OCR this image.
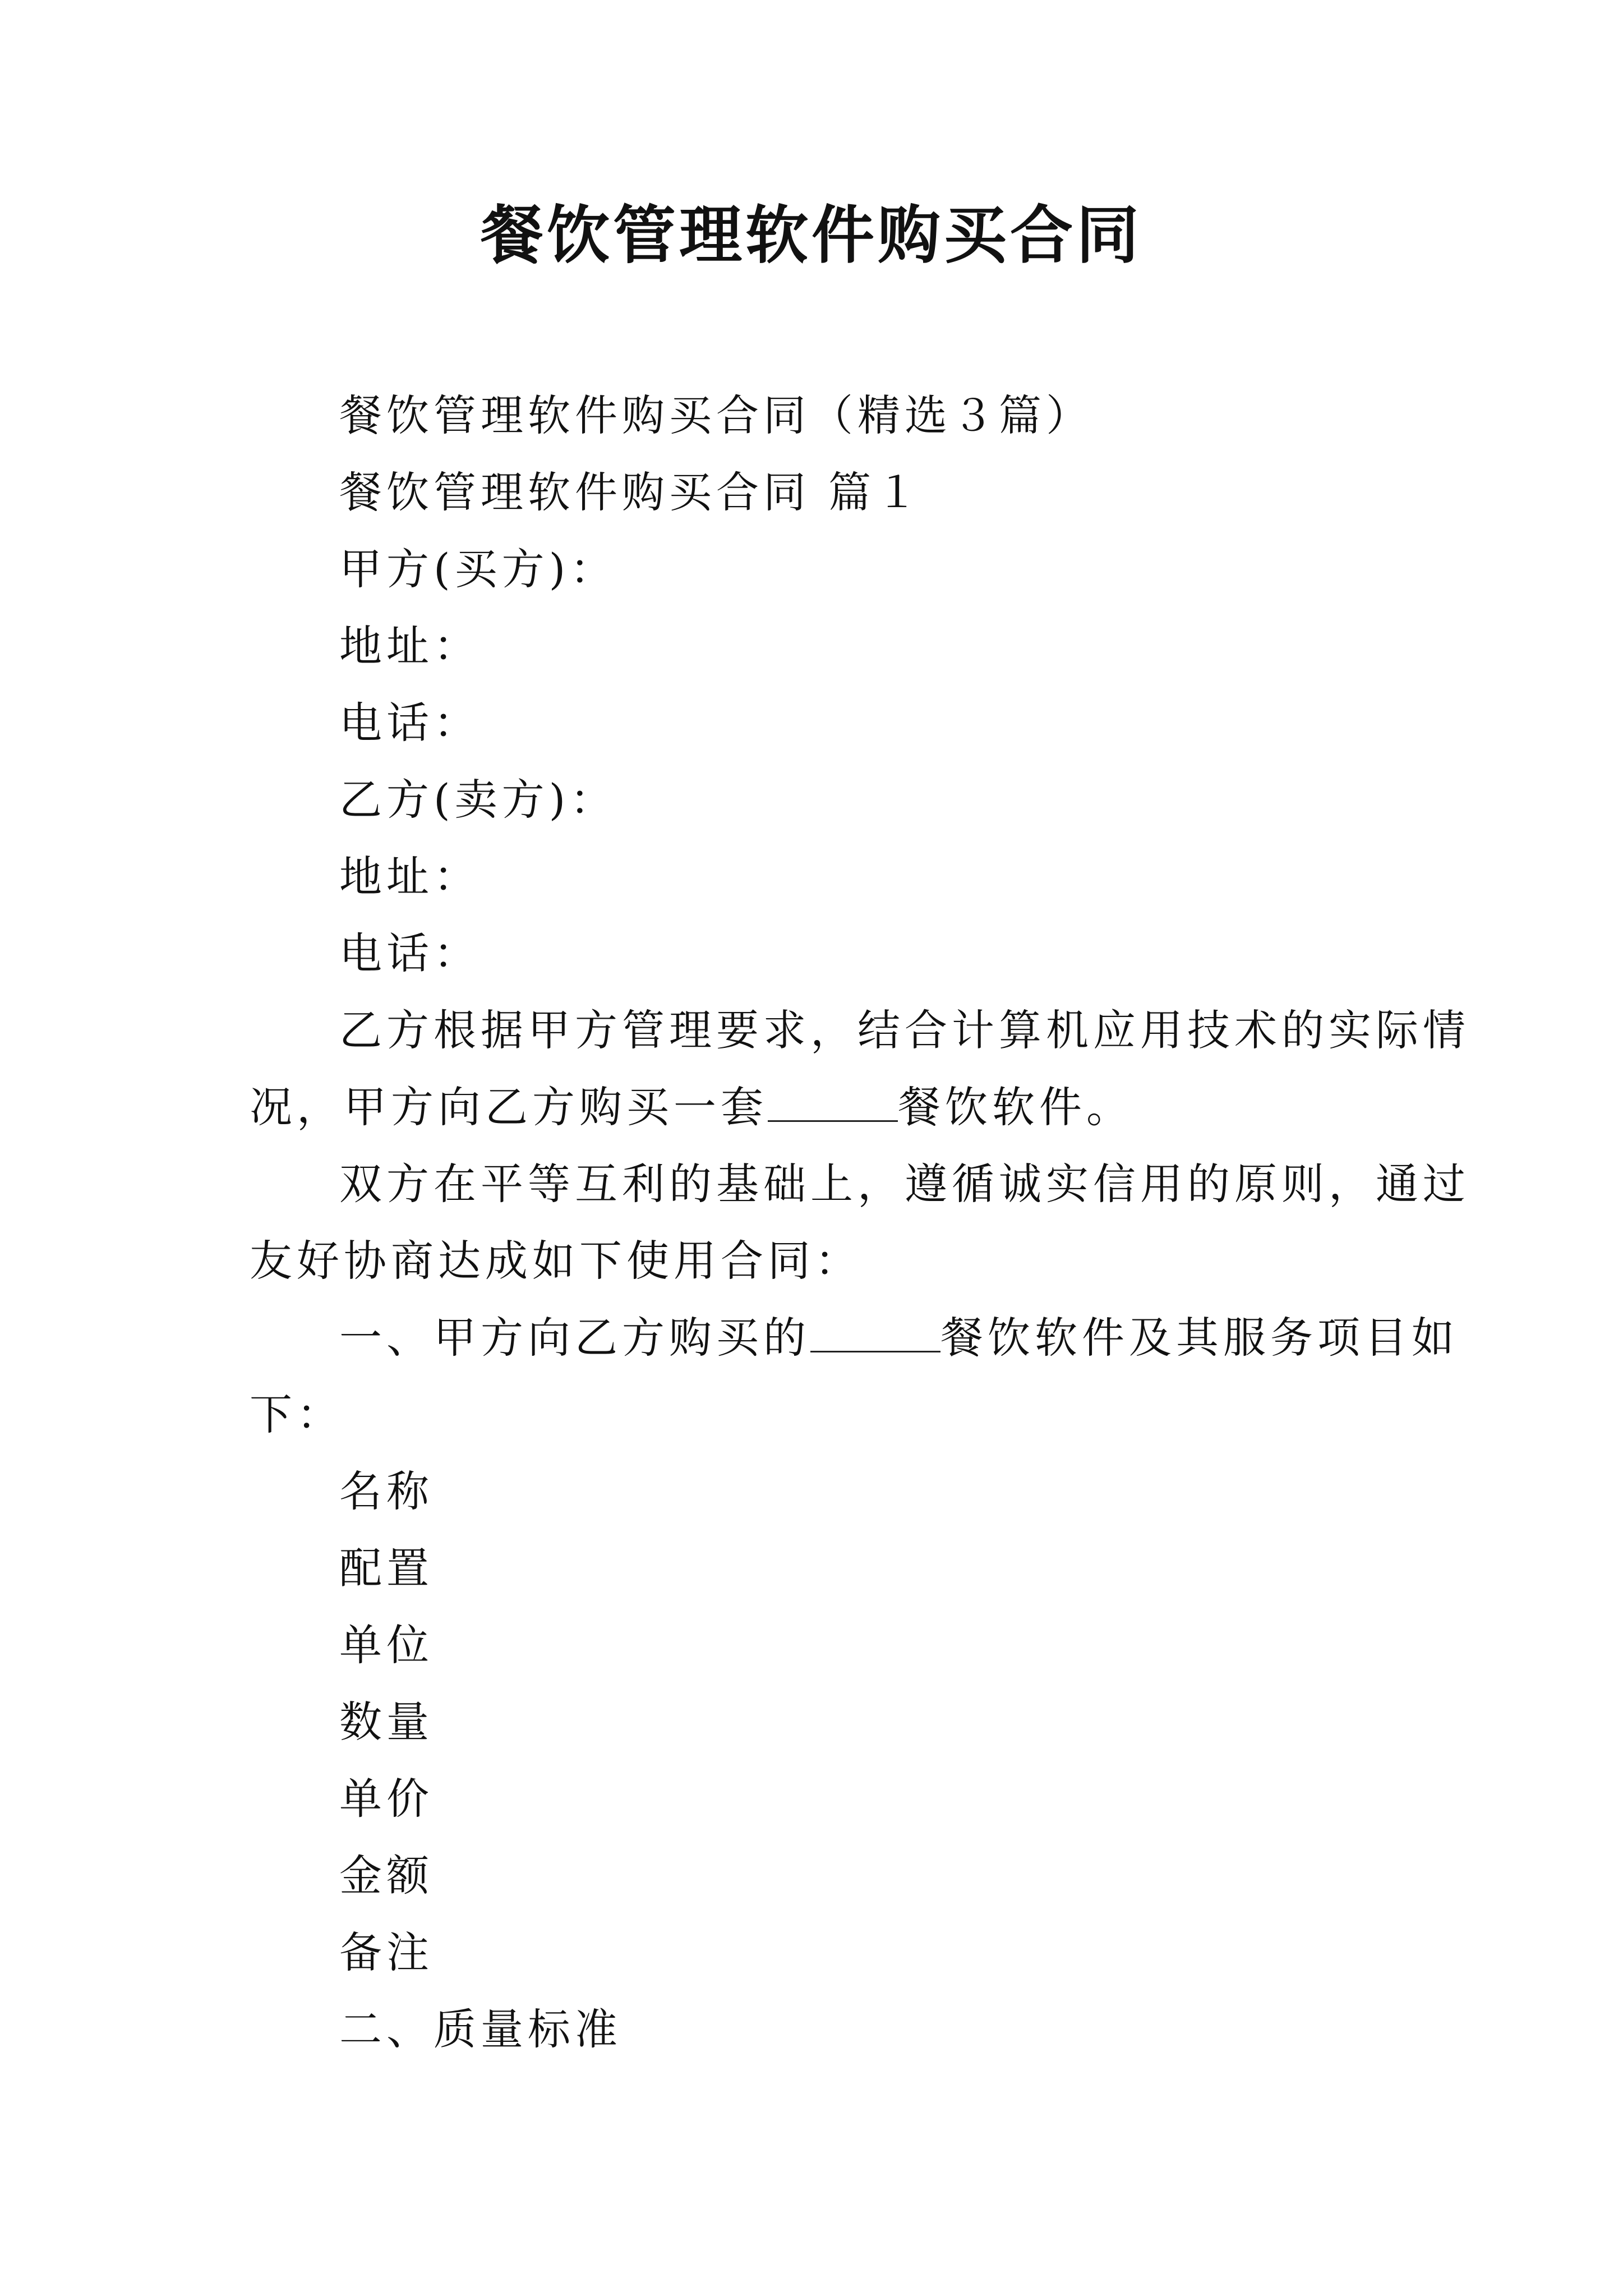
餐饮管理软件购买合同
餐饮管理软件购买合同（精选３篇）
餐饮管理软件购买合同 篇１
甲方(买方)：
地址：
电话：
乙方(卖方)：
地址：
电话：
乙方根据甲方管理要求，结合计算机应用技术的实际情
况，甲方向乙方购买一套	餐饮软件。
双方在平等互利的基础上，遵循诚实信用的原则，通过
友好协商达成如下使用合同：
一、甲方向乙方购买的	餐饮软件及其服务项目如
下：
名称
配置
单位
数量
单价
金额
备注
二、质量标准
